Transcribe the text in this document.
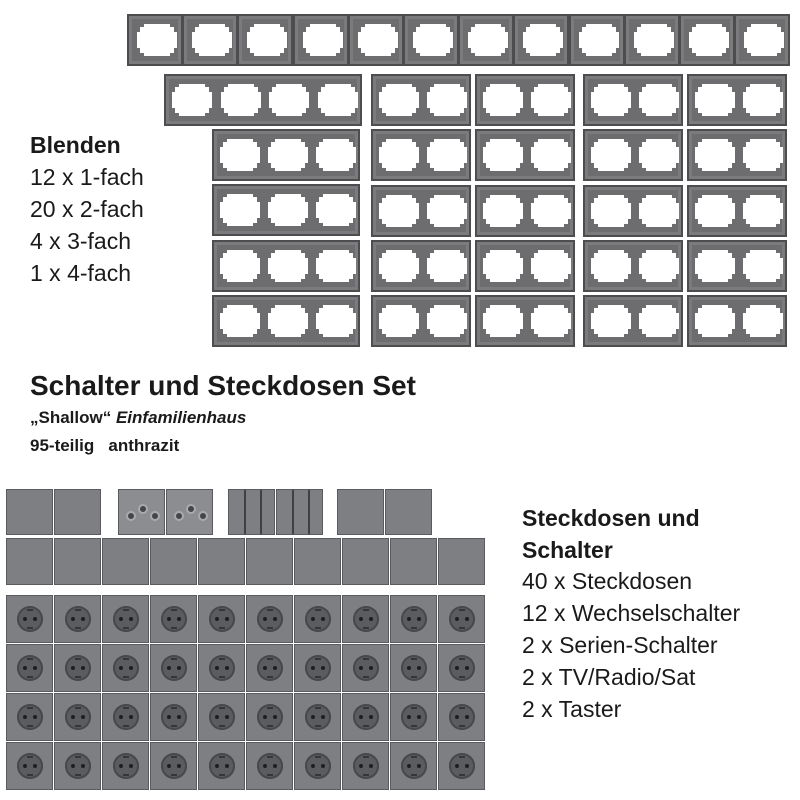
Blenden
12 x 1-fach
20 x 2-fach
4 x 3-fach
1 x 4-fach
Schalter und Steckdosen Set
„Shallow“ Einfamilienhaus
95-teilig   anthrazit
Steckdosen und
Schalter
40 x Steckdosen
12 x Wechselschalter
2 x Serien-Schalter
2 x TV/Radio/Sat
2 x Taster
